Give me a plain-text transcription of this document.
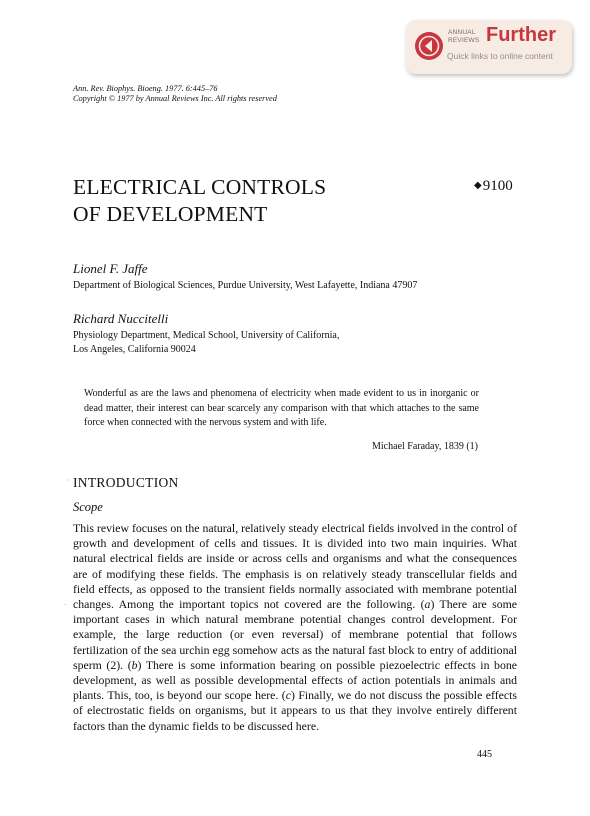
ANNUAL
REVIEWS Further
Quick links to online content
Ann. Rev. Biophys. Bioeng. 1977. 6:445–76
Copyright © 1977 by Annual Reviews Inc. All rights reserved
ELECTRICAL CONTROLS
OF DEVELOPMENT
◆9100
Lionel F. Jaffe
Department of Biological Sciences, Purdue University, West Lafayette, Indiana 47907
Richard Nuccitelli
Physiology Department, Medical School, University of California,
Los Angeles, California 90024
Wonderful as are the laws and phenomena of electricity when made evident to us in inorganic or dead matter, their interest can bear scarcely any comparison with that which attaches to the same force when connected with the nervous system and with life.
Michael Faraday, 1839 (1)
· INTRODUCTION
Scope

This review focuses on the natural, relatively steady electrical fields involved in the control of growth and development of cells and tissues. It is divided into two main inquiries. What natural electrical fields are inside or across cells and organisms and what the consequences are of modifying these fields. The emphasis is on relatively steady transcellular fields and field effects, as opposed to the transient fields normally associated with membrane potential changes. Among the important topics not covered are the following. (a) There are some important cases in which natural membrane potential changes control development. For example, the large reduction (or even reversal) of membrane potential that follows fertilization of the sea urchin egg somehow acts as the natural fast block to entry of additional sperm (2). (b) There is some information bearing on possible piezoelectric effects in bone development, as well as possible developmental effects of action potentials in animals and plants. This, too, is beyond our scope here. (c) Finally, we do not discuss the possible effects of electrostatic fields on organisms, but it appears to us that they involve entirely different factors than the dynamic fields to be discussed here.

·
445
